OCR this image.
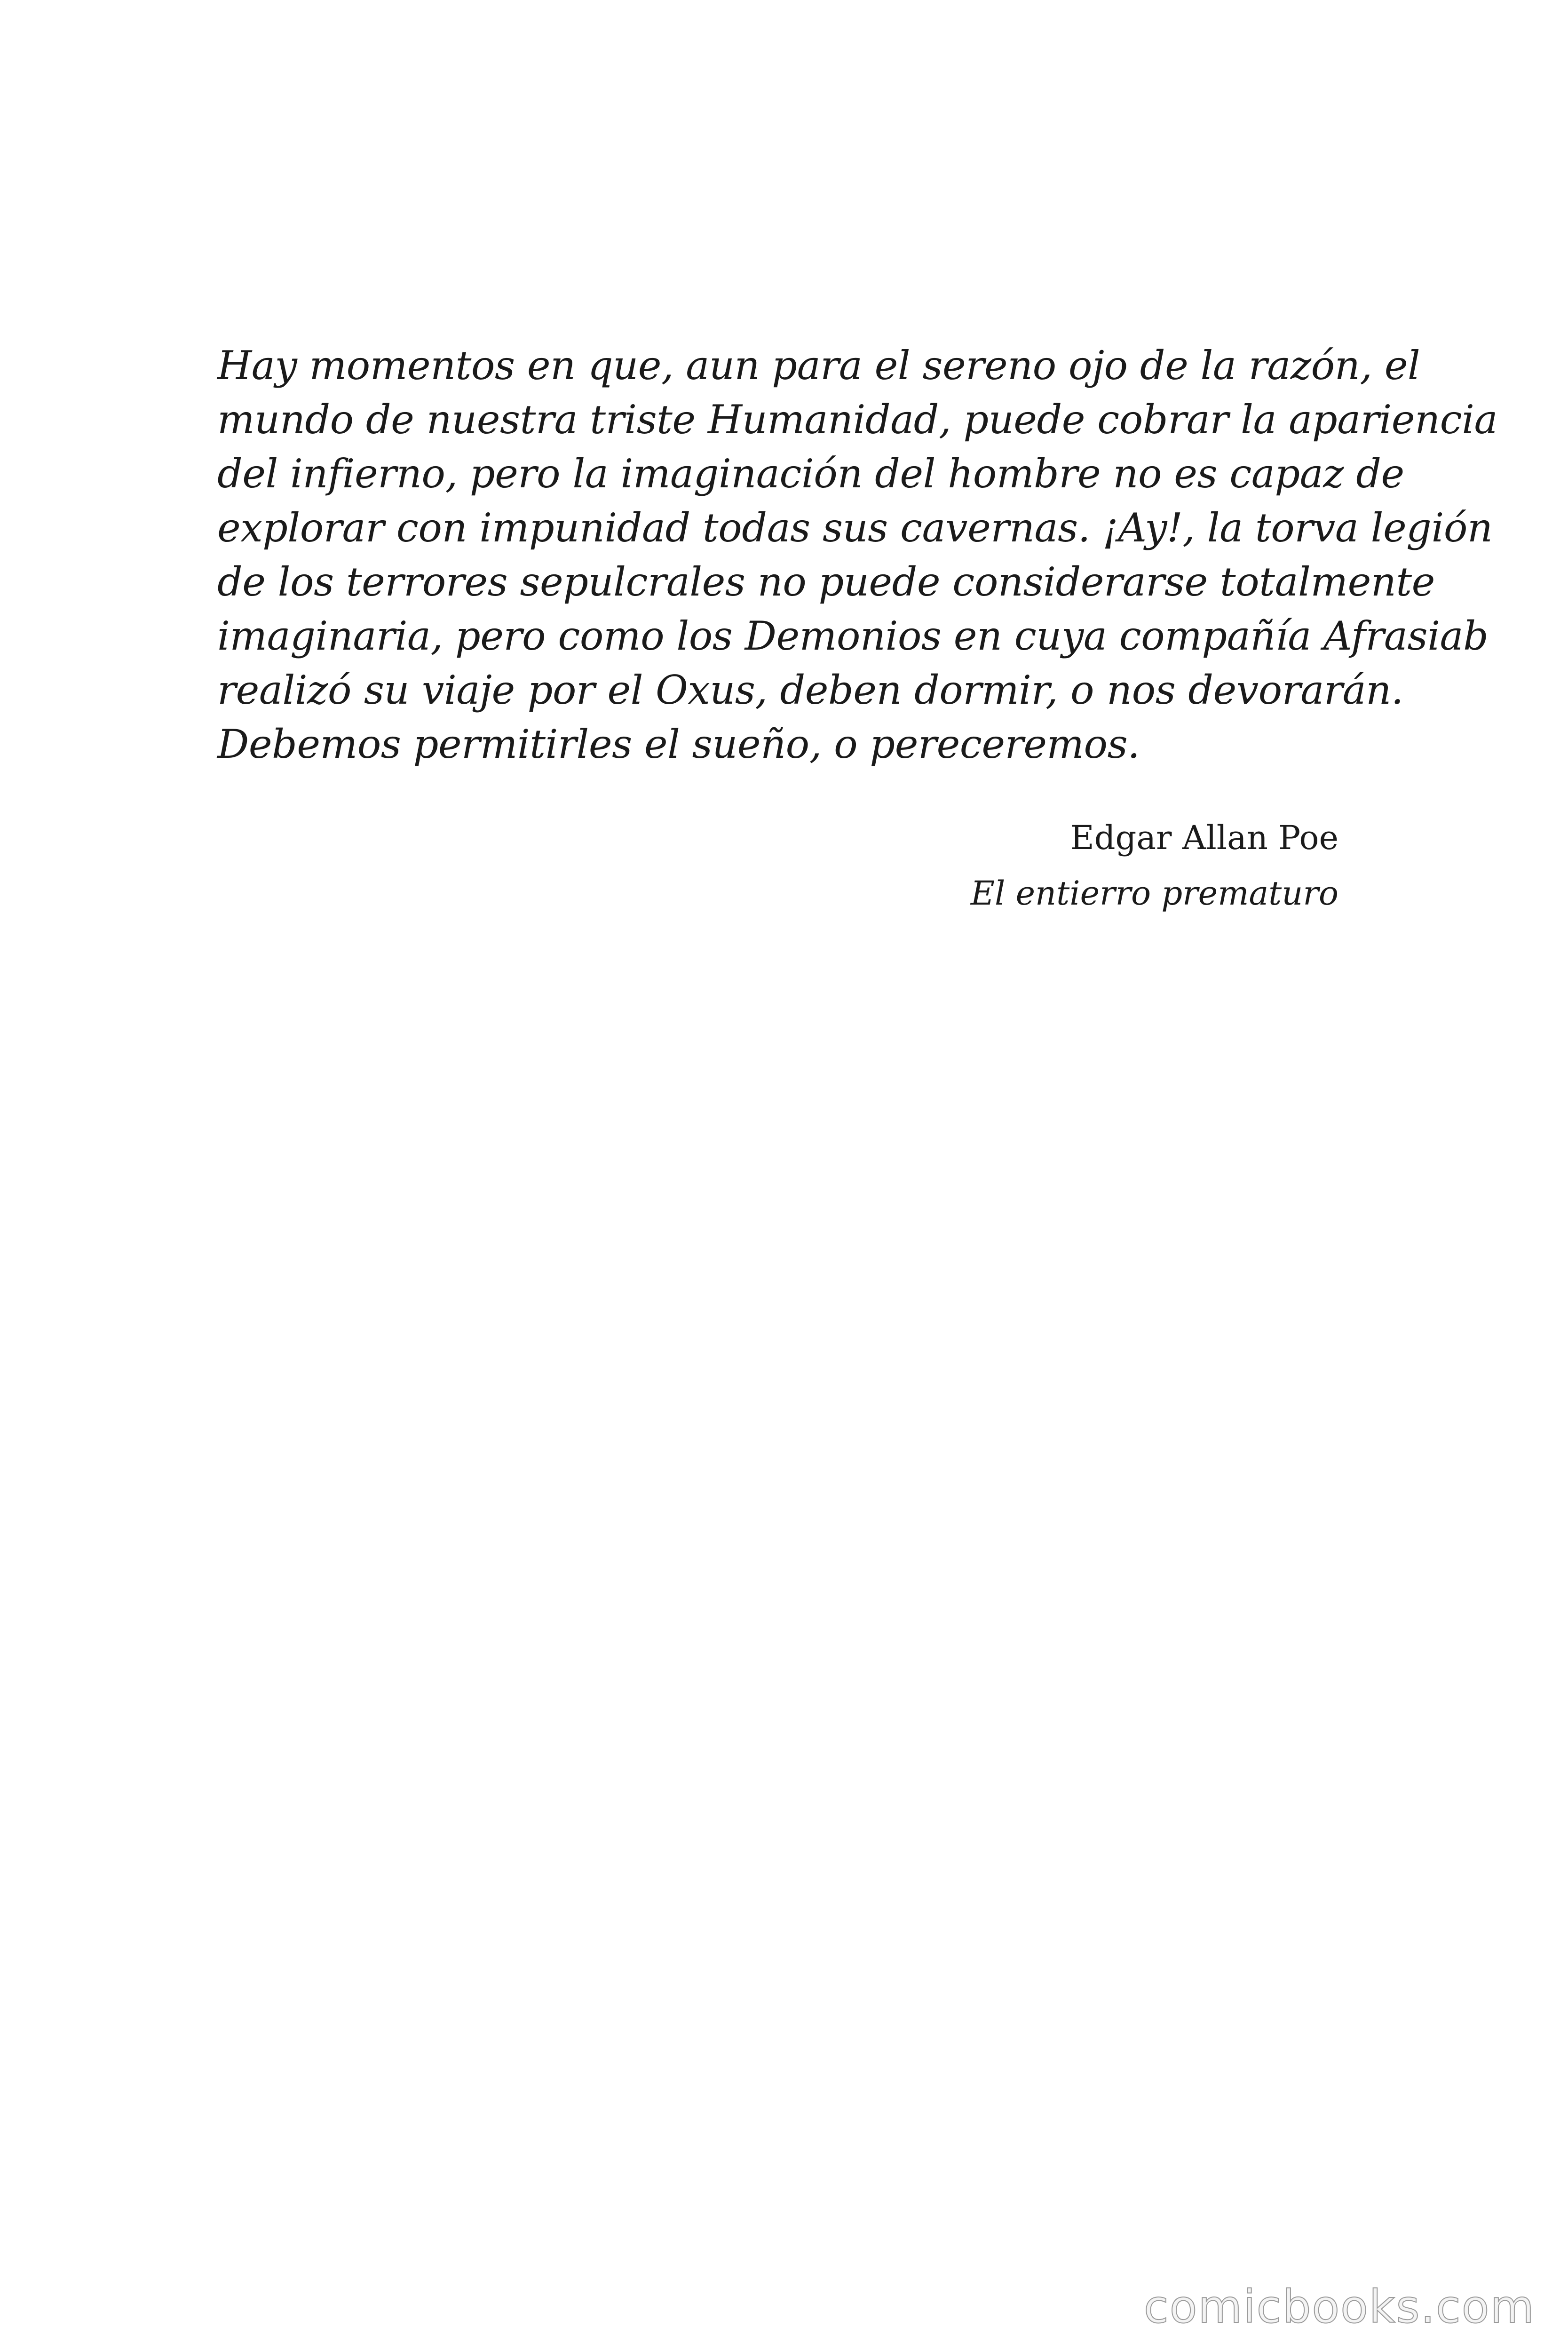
Hay momentos en que, aun para el sereno ojo de la razón, el
mundo de nuestra triste Humanidad, puede cobrar la apariencia
del infierno, pero la imaginación del hombre no es capaz de
explorar con impunidad todas sus cavernas. ¡Ay!, la torva legión
de los terrores sepulcrales no puede considerarse totalmente
imaginaria, pero como los Demonios en cuya compañía Afrasiab
realizó su viaje por el Oxus, deben dormir, o nos devorarán.
Debemos permitirles el sueño, o pereceremos.
Edgar Allan Poe
El entierro prematuro
comicbooks.com
